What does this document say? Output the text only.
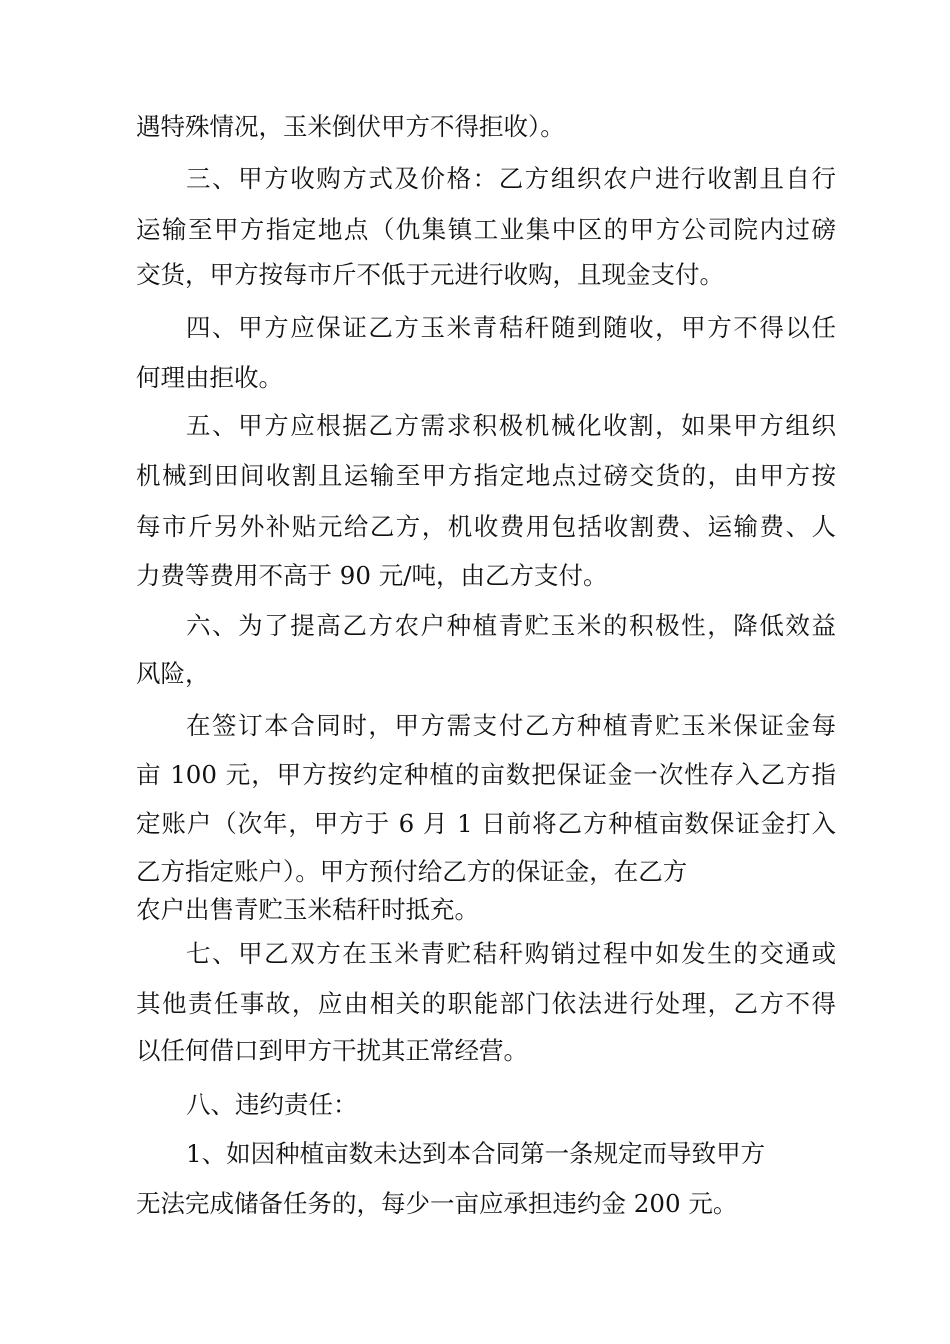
遇特殊情况，玉米倒伏甲方不得拒收）。
三、甲方收购方式及价格：乙方组织农户进行收割且自行
运输至甲方指定地点（仇集镇工业集中区的甲方公司院内过磅
交货，甲方按每市斤不低于元进行收购，且现金支付。
四、甲方应保证乙方玉米青秸秆随到随收，甲方不得以任
何理由拒收。
五、甲方应根据乙方需求积极机械化收割，如果甲方组织
机械到田间收割且运输至甲方指定地点过磅交货的，由甲方按
每市斤另外补贴元给乙方，机收费用包括收割费、运输费、人
力费等费用不高于 90 元/吨，由乙方支付。
六、为了提高乙方农户种植青贮玉米的积极性，降低效益
风险，
在签订本合同时，甲方需支付乙方种植青贮玉米保证金每
亩 100 元，甲方按约定种植的亩数把保证金一次性存入乙方指
定账户（次年，甲方于 6 月 1 日前将乙方种植亩数保证金打入
乙方指定账户）。甲方预付给乙方的保证金，在乙方
农户出售青贮玉米秸秆时抵充。
七、甲乙双方在玉米青贮秸秆购销过程中如发生的交通或
其他责任事故，应由相关的职能部门依法进行处理，乙方不得
以任何借口到甲方干扰其正常经营。
八、违约责任：
1、如因种植亩数未达到本合同第一条规定而导致甲方
无法完成储备任务的，每少一亩应承担违约金 200 元。
